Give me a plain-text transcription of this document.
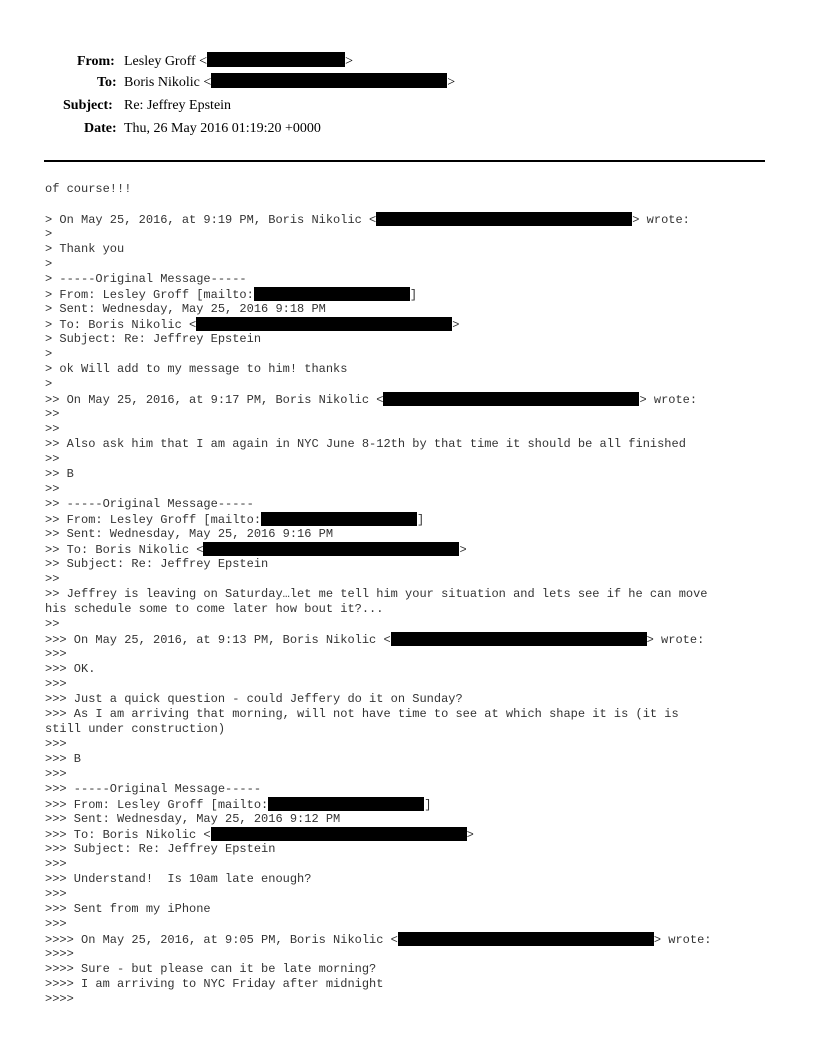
From: Lesley Groff <	>
To: Boris Nikolic <	>
Subject: Re: Jeffrey Epstein
Date: Thu, 26 May 2016 01:19:20 +0000
of course!!!
> On May 25, 2016, at 9:19 PM, Boris Nikolic <	> wrote:
>
> Thank you
>
> -----Original Message-----
> From: Lesley Groff [mailto:	]
> Sent: Wednesday, May 25, 2016 9:18 PM
> To: Boris Nikolic <	>
> Subject: Re: Jeffrey Epstein
>
> ok Will add to my message to him! thanks
>
>> On May 25, 2016, at 9:17 PM, Boris Nikolic <	> wrote:
>>
>>
>> Also ask him that I am again in NYC June 8-12th by that time it should be all finished
>>
>> B
>>
>> -----Original Message-----
>> From: Lesley Groff [mailto:	]
>> Sent: Wednesday, May 25, 2016 9:16 PM
>> To: Boris Nikolic <	>
>> Subject: Re: Jeffrey Epstein
>>
>> Jeffrey is leaving on Saturday…let me tell him your situation and lets see if he can move
his schedule some to come later how bout it?...
>>
>>> On May 25, 2016, at 9:13 PM, Boris Nikolic <	> wrote:
>>>
>>> OK.
>>>
>>> Just a quick question - could Jeffery do it on Sunday?
>>> As I am arriving that morning, will not have time to see at which shape it is (it is
still under construction)
>>>
>>> B
>>>
>>> -----Original Message-----
>>> From: Lesley Groff [mailto:	]
>>> Sent: Wednesday, May 25, 2016 9:12 PM
>>> To: Boris Nikolic <	>
>>> Subject: Re: Jeffrey Epstein
>>>
>>> Understand!  Is 10am late enough?
>>>
>>> Sent from my iPhone
>>>
>>>> On May 25, 2016, at 9:05 PM, Boris Nikolic <	> wrote:
>>>>
>>>> Sure - but please can it be late morning?
>>>> I am arriving to NYC Friday after midnight
>>>>
